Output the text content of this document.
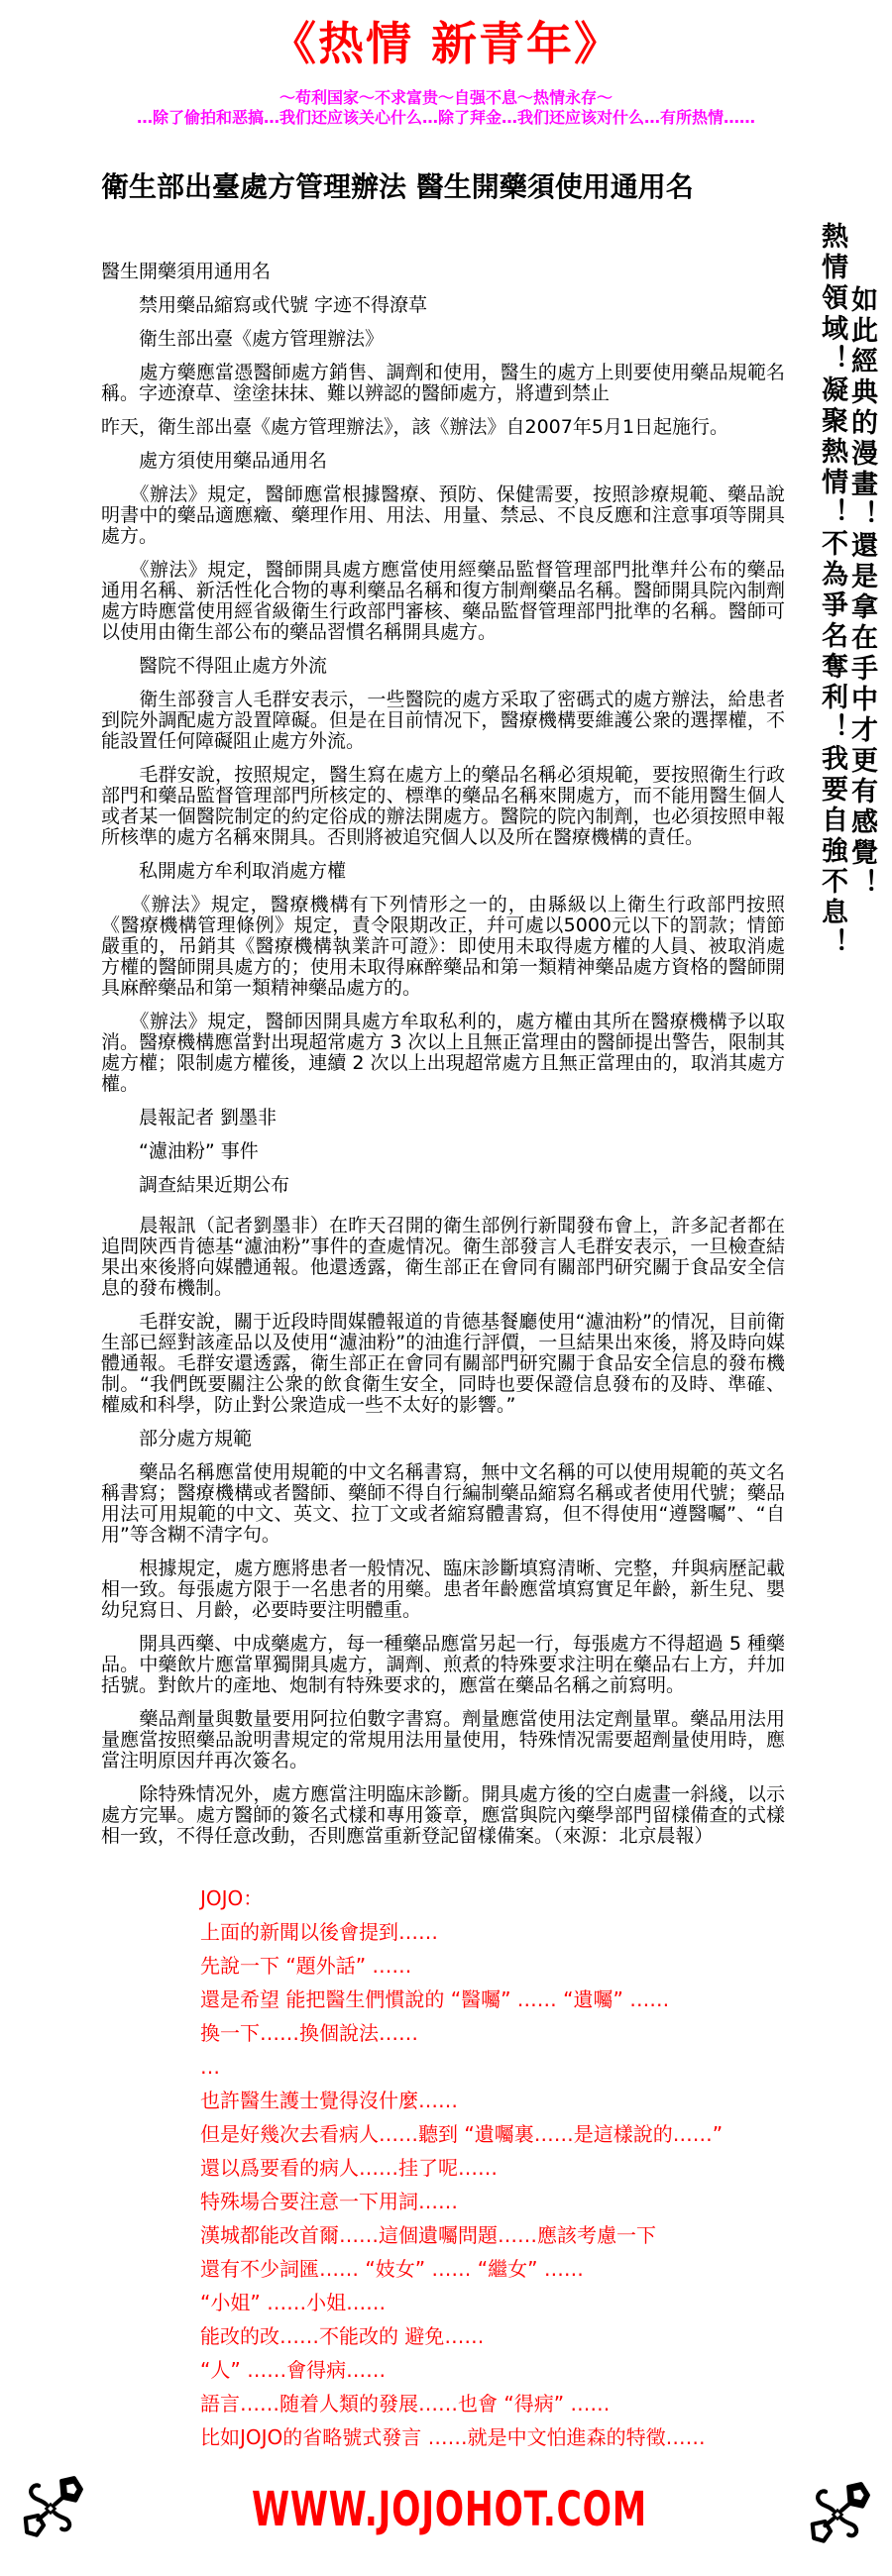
《热情 新青年》
～苟利国家～不求富贵～自强不息～热情永存～
…除了偷拍和恶搞…我们还应该关心什么…除了拜金…我们还应该对什么…有所热情……

如此經典的漫畫！還是拿在手中才更有感覺！

熱情領域！凝聚熱情！不為爭名奪利！我要自強不息！

衛生部出臺處方管理辦法 醫生開藥須使用通用名

醫生開藥須用通用名

　　禁用藥品縮寫或代號 字迹不得潦草

　　衛生部出臺《處方管理辦法》

　　處方藥應當憑醫師處方銷售、調劑和使用，醫生的處方上則要使用藥品規範名稱。字迹潦草、塗塗抹抹、難以辨認的醫師處方，將遭到禁止

昨天，衛生部出臺《處方管理辦法》，該《辦法》自2007年5月1日起施行。

　　處方須使用藥品通用名

　　《辦法》規定，醫師應當根據醫療、預防、保健需要，按照診療規範、藥品說明書中的藥品適應癥、藥理作用、用法、用量、禁忌、不良反應和注意事項等開具處方。

　　《辦法》規定，醫師開具處方應當使用經藥品監督管理部門批準幷公布的藥品通用名稱、新活性化合物的專利藥品名稱和復方制劑藥品名稱。醫師開具院內制劑處方時應當使用經省級衛生行政部門審核、藥品監督管理部門批準的名稱。醫師可以使用由衛生部公布的藥品習慣名稱開具處方。

　　醫院不得阻止處方外流

　　衛生部發言人毛群安表示，一些醫院的處方采取了密碼式的處方辦法，給患者到院外調配處方設置障礙。但是在目前情况下，醫療機構要維護公衆的選擇權，不能設置任何障礙阻止處方外流。

　　毛群安說，按照規定，醫生寫在處方上的藥品名稱必須規範，要按照衛生行政部門和藥品監督管理部門所核定的、標準的藥品名稱來開處方，而不能用醫生個人或者某一個醫院制定的約定俗成的辦法開處方。醫院的院內制劑，也必須按照申報所核準的處方名稱來開具。否則將被追究個人以及所在醫療機構的責任。

　　私開處方牟利取消處方權

　　《辦法》規定，醫療機構有下列情形之一的，由縣級以上衛生行政部門按照《醫療機構管理條例》規定，責令限期改正，幷可處以5000元以下的罰款；情節嚴重的，吊銷其《醫療機構執業許可證》：即使用未取得處方權的人員、被取消處方權的醫師開具處方的；使用未取得麻醉藥品和第一類精神藥品處方資格的醫師開具麻醉藥品和第一類精神藥品處方的。

　　《辦法》規定，醫師因開具處方牟取私利的，處方權由其所在醫療機構予以取消。醫療機構應當對出現超常處方 3 次以上且無正當理由的醫師提出警告，限制其處方權；限制處方權後，連續 2 次以上出現超常處方且無正當理由的，取消其處方權。

　　晨報記者 劉墨非

　　“濾油粉” 事件

　　調查結果近期公布

　　晨報訊（記者劉墨非）在昨天召開的衛生部例行新聞發布會上，許多記者都在追問陝西肯德基“濾油粉”事件的查處情况。衛生部發言人毛群安表示，一旦檢查結果出來後將向媒體通報。他還透露，衛生部正在會同有關部門研究關于食品安全信息的發布機制。

　　毛群安說，關于近段時間媒體報道的肯德基餐廳使用“濾油粉”的情况，目前衛生部已經對該產品以及使用“濾油粉”的油進行評價，一旦結果出來後，將及時向媒體通報。毛群安還透露，衛生部正在會同有關部門研究關于食品安全信息的發布機制。“我們旣要關注公衆的飲食衛生安全，同時也要保證信息發布的及時、準確、權威和科學，防止對公衆造成一些不太好的影響。”

　　部分處方規範

　　藥品名稱應當使用規範的中文名稱書寫，無中文名稱的可以使用規範的英文名稱書寫；醫療機構或者醫師、藥師不得自行編制藥品縮寫名稱或者使用代號；藥品用法可用規範的中文、英文、拉丁文或者縮寫體書寫，但不得使用“遵醫囑”、“自用”等含糊不清字句。

　　根據規定，處方應將患者一般情况、臨床診斷填寫清晰、完整，幷與病歷記載相一致。每張處方限于一名患者的用藥。患者年齡應當填寫實足年齡，新生兒、嬰幼兒寫日、月齡，必要時要注明體重。

　　開具西藥、中成藥處方，每一種藥品應當另起一行，每張處方不得超過 5 種藥品。中藥飲片應當單獨開具處方，調劑、煎煮的特殊要求注明在藥品右上方，幷加括號。對飲片的產地、炮制有特殊要求的，應當在藥品名稱之前寫明。

　　藥品劑量與數量要用阿拉伯數字書寫。劑量應當使用法定劑量單。藥品用法用量應當按照藥品說明書規定的常規用法用量使用，特殊情况需要超劑量使用時，應當注明原因幷再次簽名。

　　除特殊情况外，處方應當注明臨床診斷。開具處方後的空白處畫一斜綫，以示處方完畢。處方醫師的簽名式樣和專用簽章，應當與院內藥學部門留樣備查的式樣相一致，不得任意改動，否則應當重新登記留樣備案。（來源：北京晨報）

JOJO：

上面的新聞以後會提到……

先說一下 “題外話” ……

還是希望 能把醫生們慣說的 “醫囑” …… “遺囑” ……

換一下……換個說法……

…

也許醫生護士覺得沒什麼……

但是好幾次去看病人……聽到 “遺囑裏……是這樣說的……”

還以爲要看的病人……挂了呢……

特殊場合要注意一下用詞……

漢城都能改首爾……這個遺囑問題……應該考慮一下

還有不少詞匯…… “妓女” …… “繼女” ……

“小姐” ……小姐……

能改的改……不能改的 避免……

“人” ……會得病……

語言……随着人類的發展……也會 “得病” ……

比如JOJO的省略號式發言 ……就是中文怕進森的特徵……

WWW.JOJOHOT.COM
